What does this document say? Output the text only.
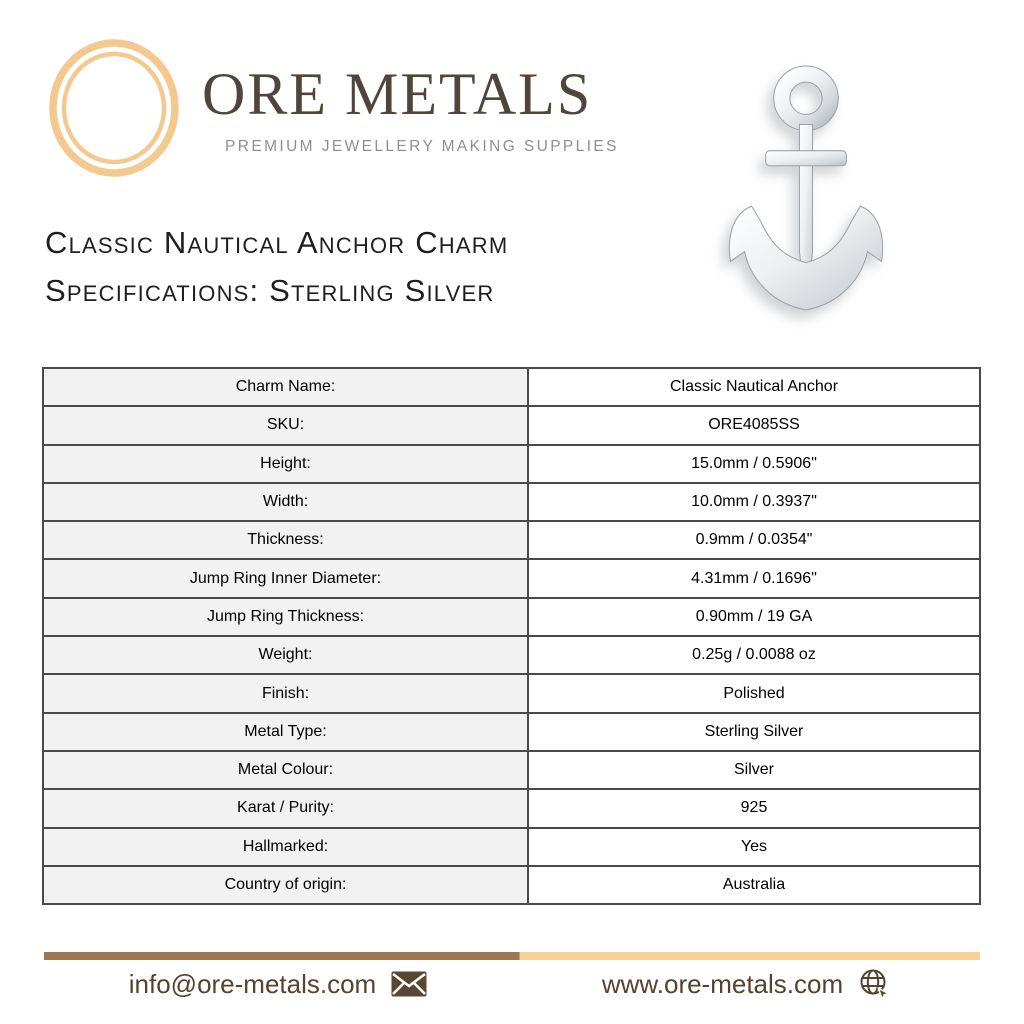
ORE METALS
PREMIUM JEWELLERY MAKING SUPPLIES
Classic Nautical Anchor Charm
Specifications: Sterling Silver
Charm Name:	Classic Nautical Anchor
SKU:	ORE4085SS
Height:	15.0mm / 0.5906"
Width:	10.0mm / 0.3937"
Thickness:	0.9mm / 0.0354"
Jump Ring Inner Diameter:	4.31mm / 0.1696"
Jump Ring Thickness:	0.90mm / 19 GA
Weight:	0.25g / 0.0088 oz
Finish:	Polished
Metal Type:	Sterling Silver
Metal Colour:	Silver
Karat / Purity:	925
Hallmarked:	Yes
Country of origin:	Australia
info@ore-metals.com	www.ore-metals.com
